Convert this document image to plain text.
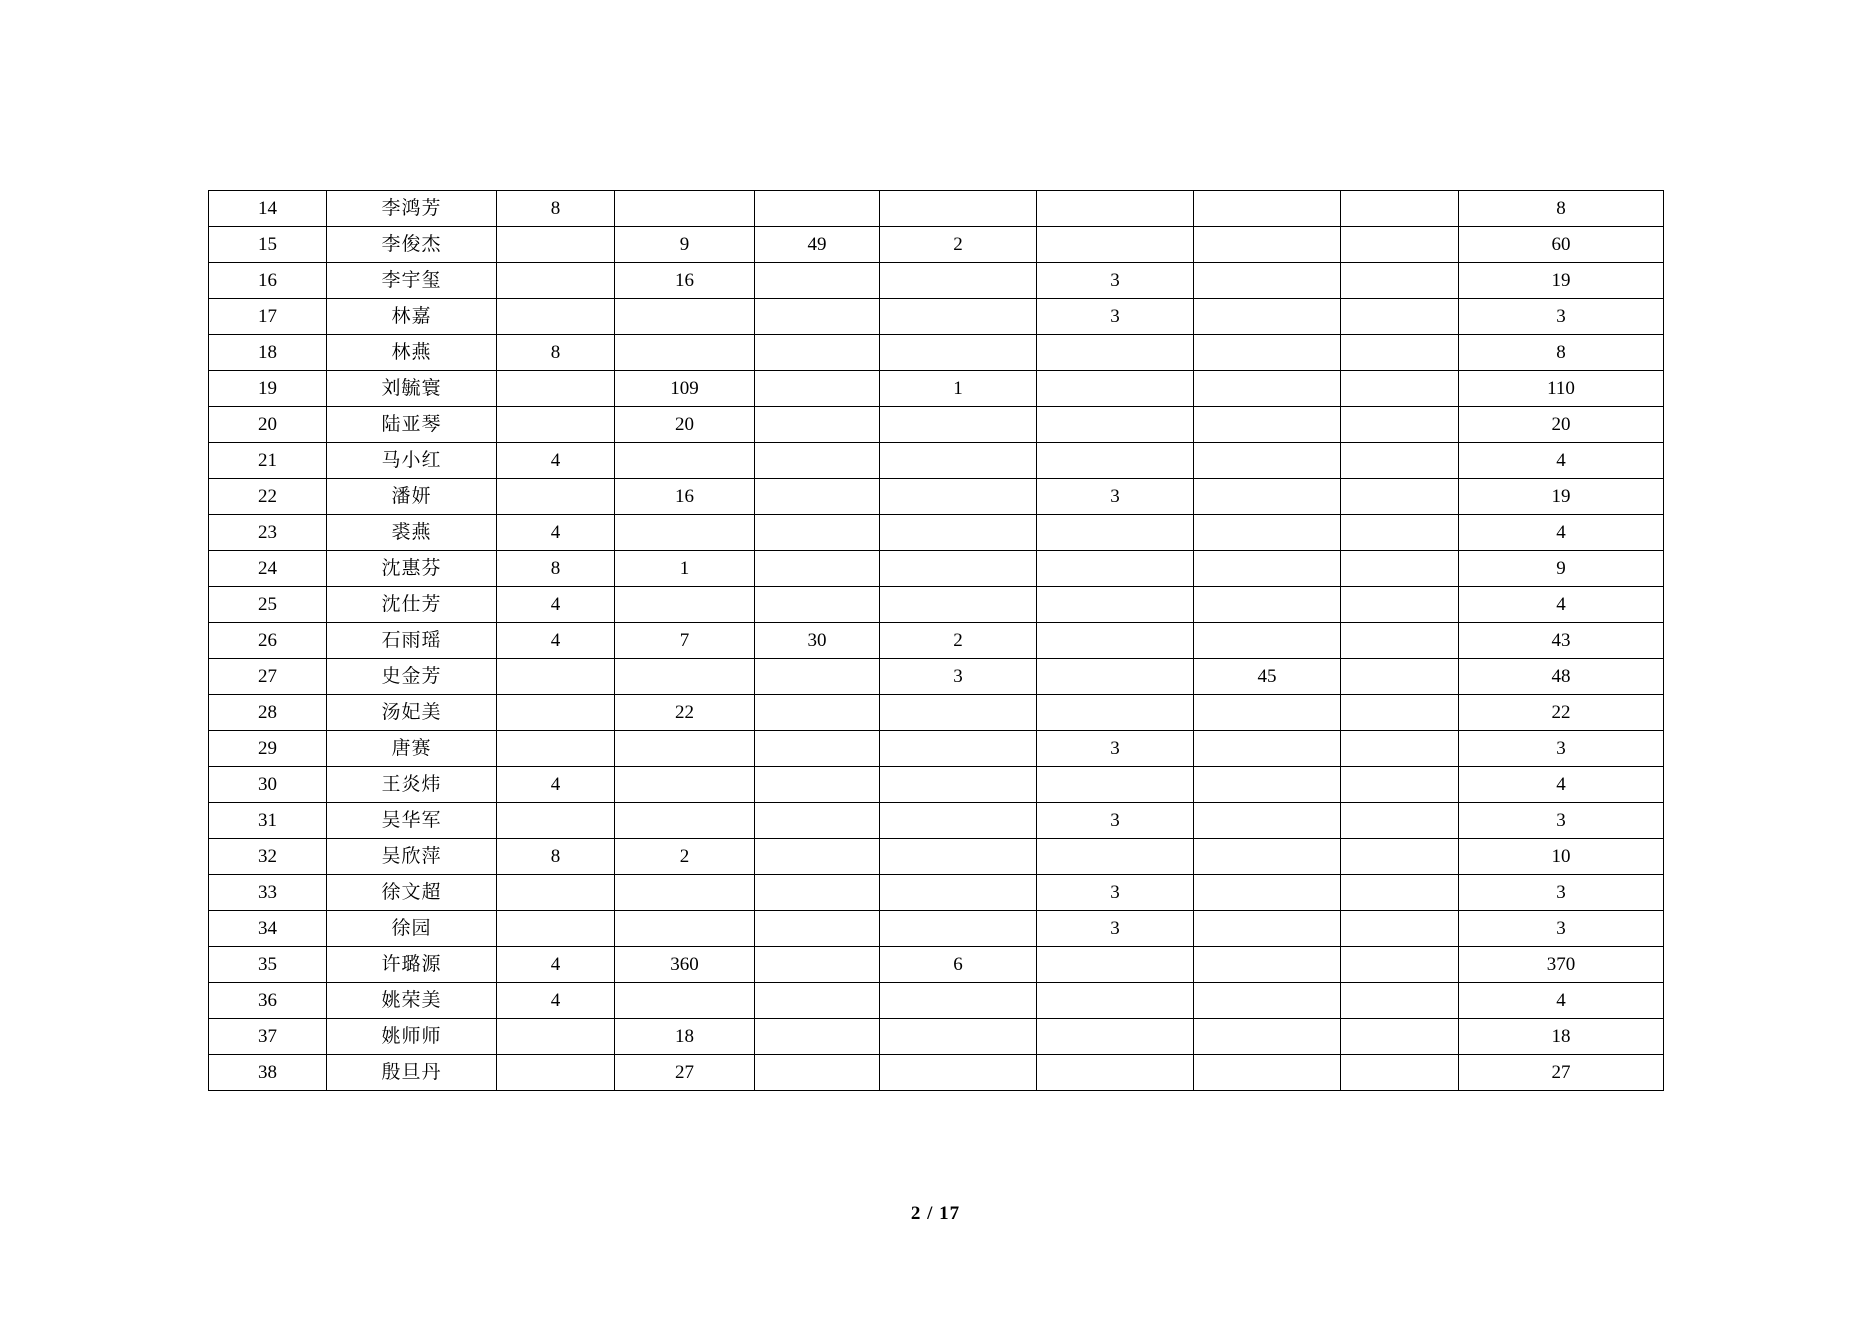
14	李鸿芳	8							8
15	李俊杰		9	49	2				60
16	李宇玺		16			3			19
17	林嘉					3			3
18	林燕	8							8
19	刘毓寰		109		1				110
20	陆亚琴		20						20
21	马小红	4							4
22	潘妍		16			3			19
23	裘燕	4							4
24	沈惠芬	8	1						9
25	沈仕芳	4							4
26	石雨瑶	4	7	30	2				43
27	史金芳				3		45		48
28	汤妃美		22						22
29	唐赛					3			3
30	王炎炜	4							4
31	吴华军					3			3
32	吴欣萍	8	2						10
33	徐文超					3			3
34	徐园					3			3
35	许璐源	4	360		6				370
36	姚荣美	4							4
37	姚师师		18						18
38	殷旦丹		27						27
2 / 17
